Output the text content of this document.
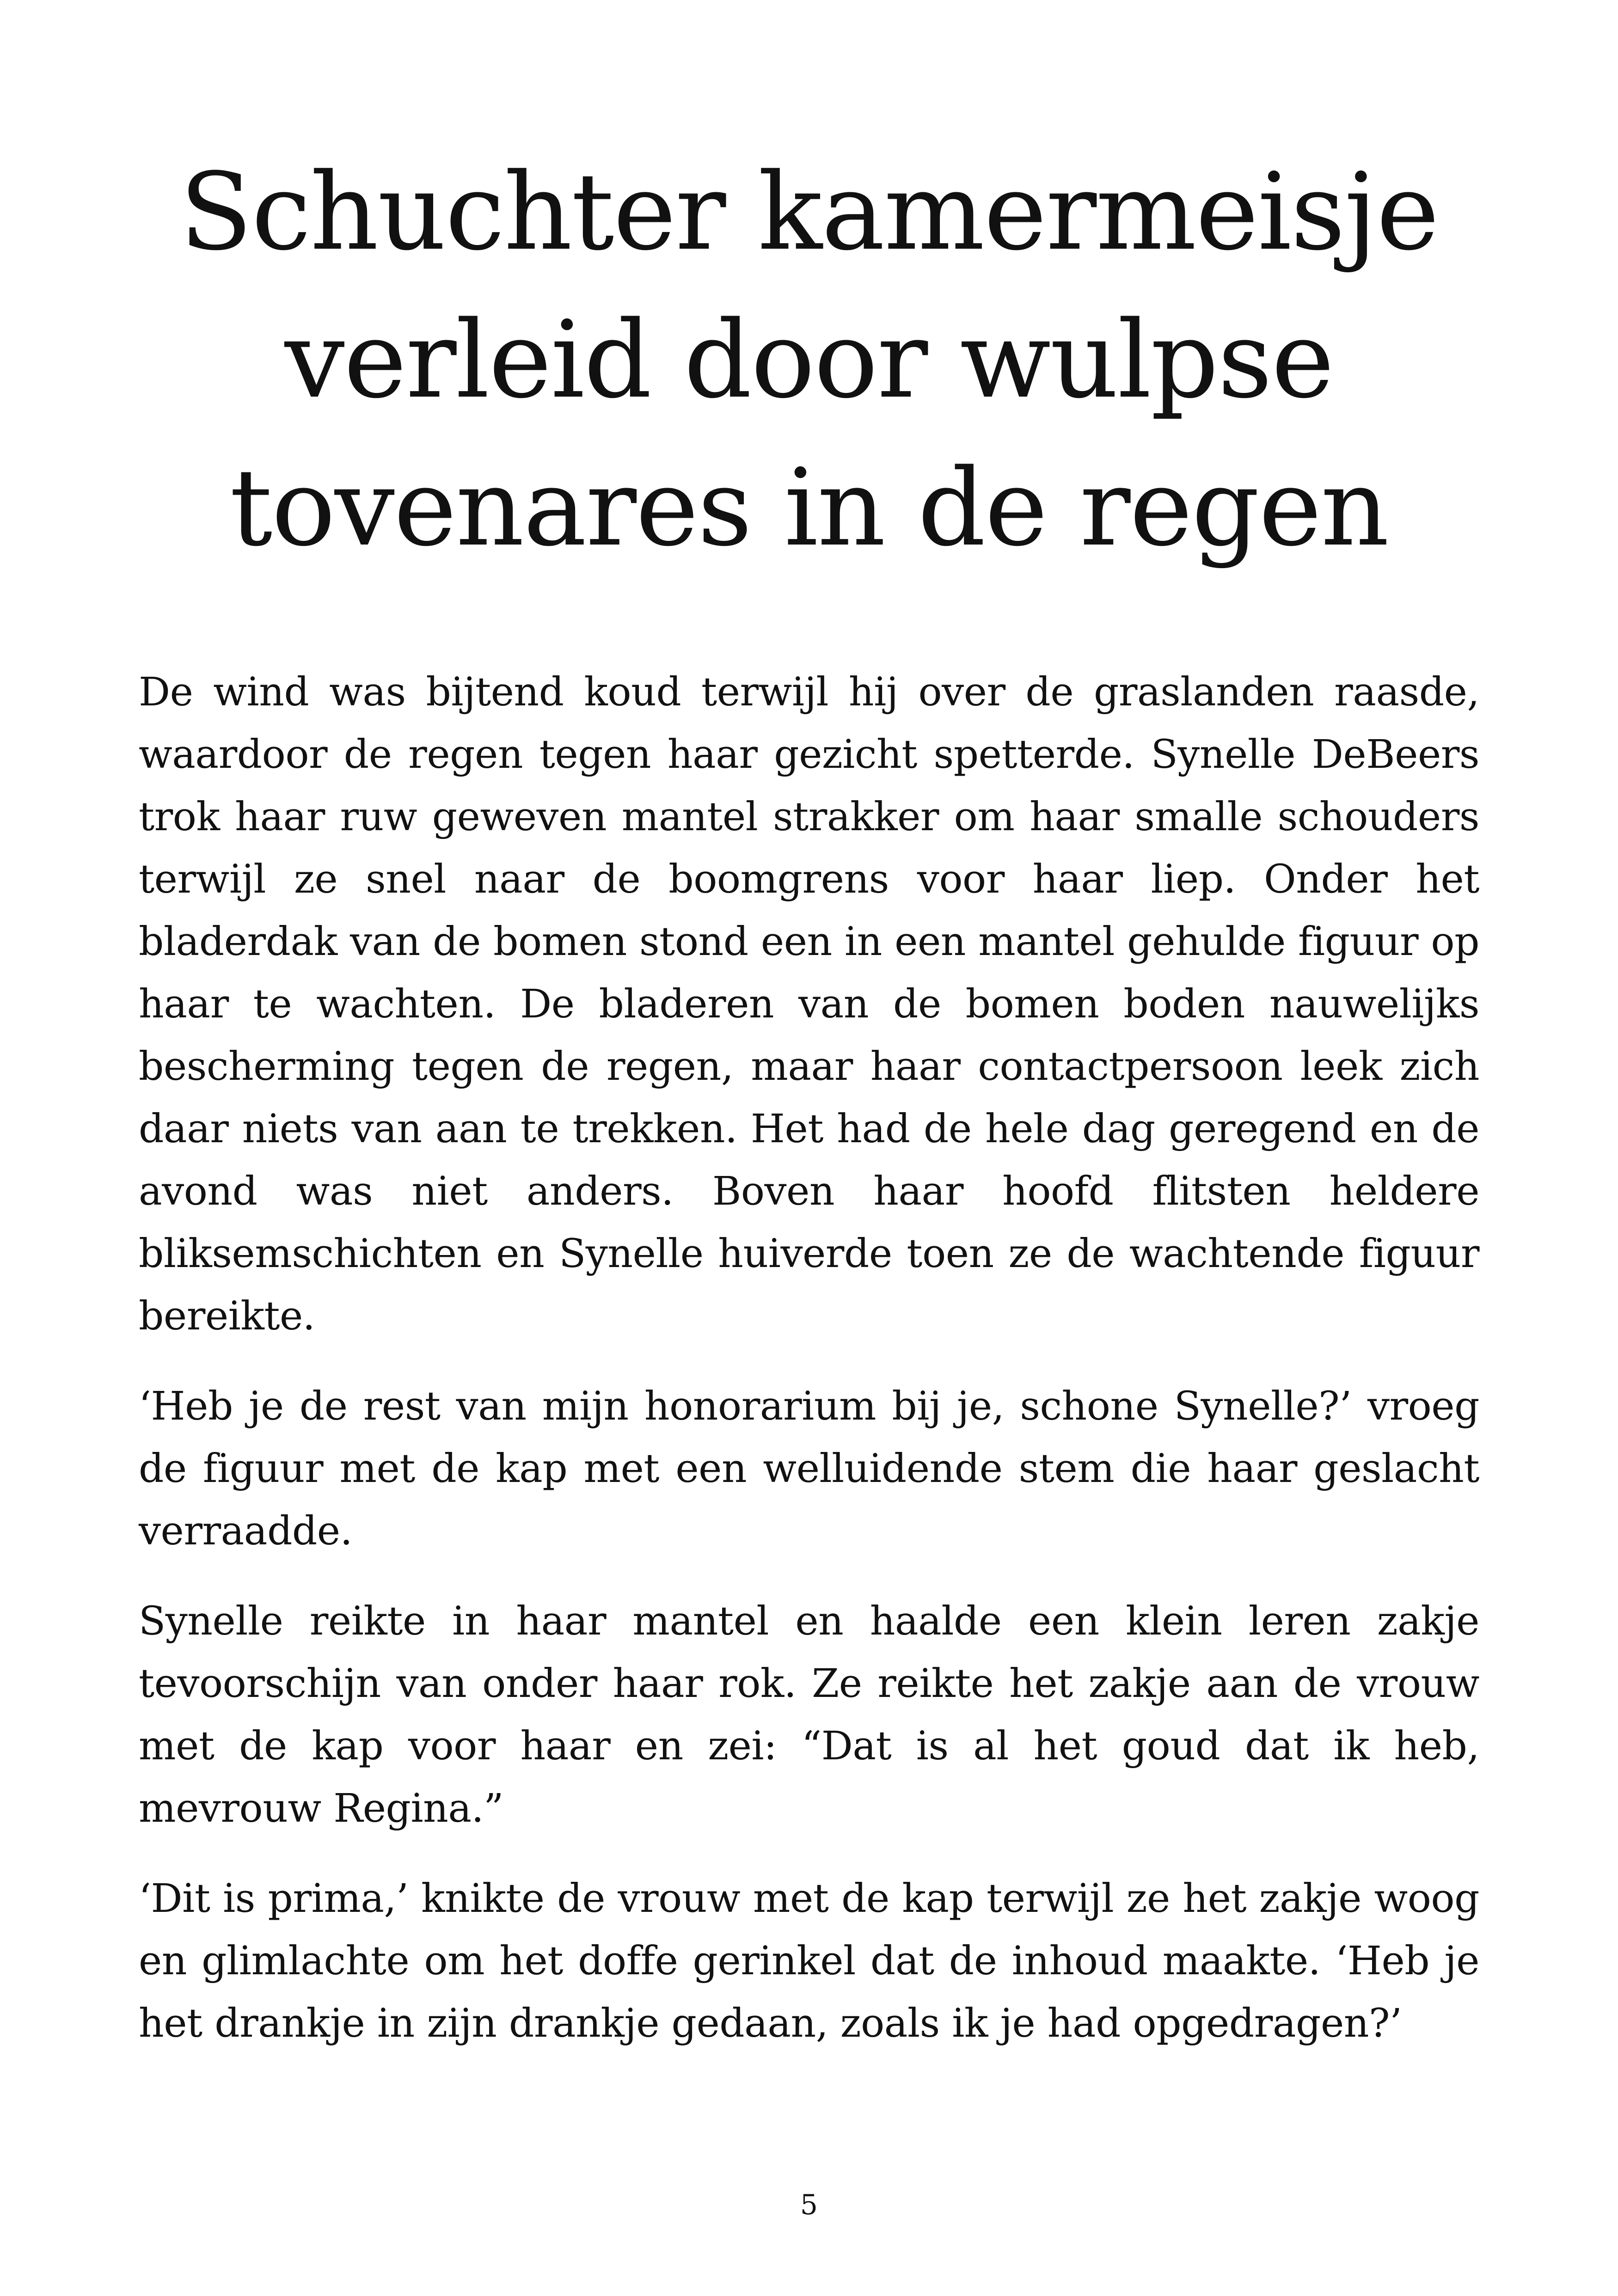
Schuchter kamermeisje verleid door wulpse tovenares in de regen

De wind was bijtend koud terwijl hij over de graslanden raasde, waardoor de regen tegen haar gezicht spetterde. Synelle DeBeers trok haar ruw geweven mantel strakker om haar smalle schouders terwijl ze snel naar de boomgrens voor haar liep. Onder het bladerdak van de bomen stond een in een mantel gehulde figuur op haar te wachten. De bladeren van de bomen boden nauwelijks bescherming tegen de regen, maar haar contactpersoon leek zich daar niets van aan te trekken. Het had de hele dag geregend en de avond was niet anders. Boven haar hoofd flitsten heldere bliksemschichten en Synelle huiverde toen ze de wachtende figuur bereikte.

‘Heb je de rest van mijn honorarium bij je, schone Synelle?’ vroeg de figuur met de kap met een welluidende stem die haar geslacht verraadde.

Synelle reikte in haar mantel en haalde een klein leren zakje tevoorschijn van onder haar rok. Ze reikte het zakje aan de vrouw met de kap voor haar en zei: “Dat is al het goud dat ik heb, mevrouw Regina.”

‘Dit is prima,’ knikte de vrouw met de kap terwijl ze het zakje woog en glimlachte om het doffe gerinkel dat de inhoud maakte. ‘Heb je het drankje in zijn drankje gedaan, zoals ik je had opgedragen?’

5
